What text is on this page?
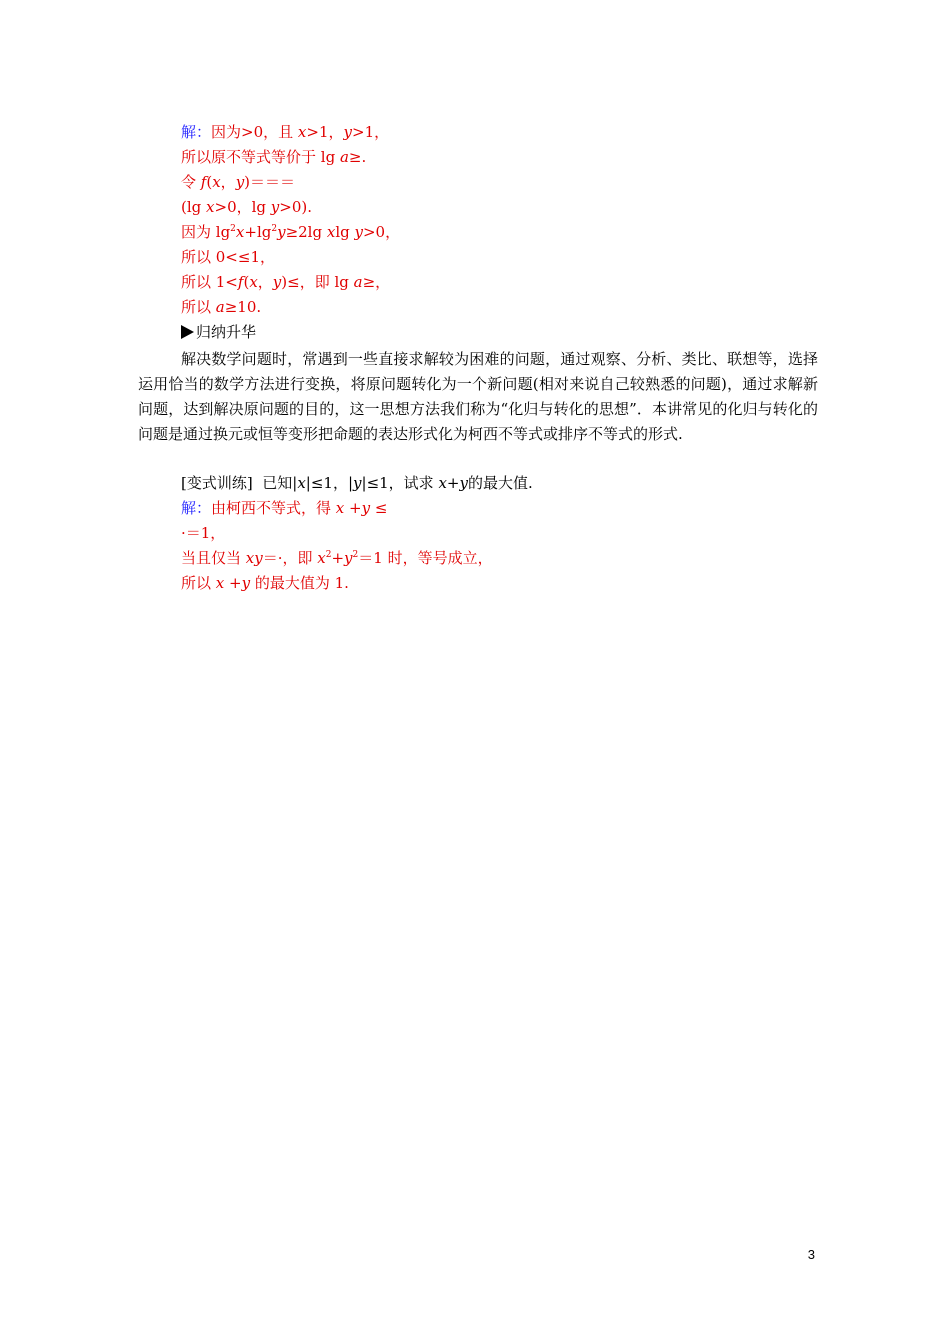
解：因为>0，且 x>1，y>1，
所以原不等式等价于 lg a≥.
令 f(x，y)＝＝＝
(lg x>0，lg y>0).
因为 $\lg^2x+\lg^2y\ge 2\lg$ xlg y>0，
所以 0<≤1，
所以 1<f(x，y)≤，即 lg a≥，
所以 a≥10.
归纳升华
解决数学问题时，常遇到一些直接求解较为困难的问题，通过观察、分析、类比、联想等，选择运用恰当的数学方法进行变换，将原问题转化为一个新问题(相对来说自己较熟悉的问题)，通过求解新问题，达到解决原问题的目的，这一思想方法我们称为“化归与转化的思想”．本讲常见的化归与转化的问题是通过换元或恒等变形把命题的表达形式化为柯西不等式或排序不等式的形式.
[变式训练] 已知|x|≤1，|y|≤1，试求 x+y的最大值.
解：由柯西不等式，得 x +y ≤
·＝1，
当且仅当 xy＝·，即 $x^2+y^2=1$ 时，等号成立，
所以 x +y 的最大值为 1.
3
